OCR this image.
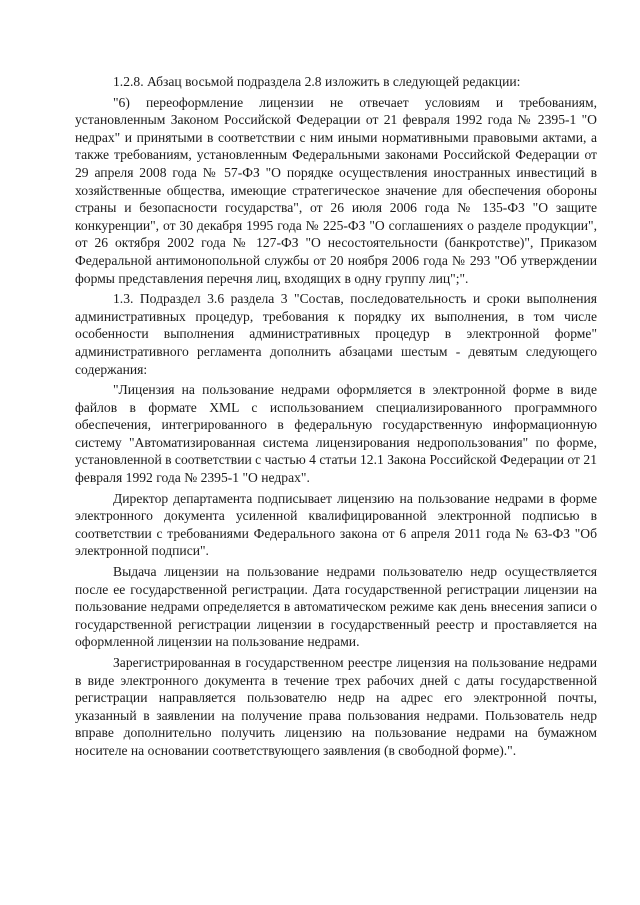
1.2.8. Абзац восьмой подраздела 2.8 изложить в следующей редакции:

"6) переоформление лицензии не отвечает условиям и требованиям, установленным Законом Российской Федерации от 21 февраля 1992 года № 2395-1 "О недрах" и принятыми в соответствии с ним иными нормативными правовыми актами, а также требованиям, установленным Федеральными законами Российской Федерации от 29 апреля 2008 года № 57-ФЗ "О порядке осуществления иностранных инвестиций в хозяйственные общества, имеющие стратегическое значение для обеспечения обороны страны и безопасности государства", от 26 июля 2006 года № 135-ФЗ "О защите конкуренции", от 30 декабря 1995 года № 225-ФЗ "О соглашениях о разделе продукции", от 26 октября 2002 года № 127-ФЗ "О несостоятельности (банкротстве)", Приказом Федеральной антимонопольной службы от 20 ноября 2006 года № 293 "Об утверждении формы представления перечня лиц, входящих в одну группу лиц";".

1.3. Подраздел 3.6 раздела 3 "Состав, последовательность и сроки выполнения административных процедур, требования к порядку их выполнения, в том числе особенности выполнения административных процедур в электронной форме" административного регламента дополнить абзацами шестым - девятым следующего содержания:

"Лицензия на пользование недрами оформляется в электронной форме в виде файлов в формате XML с использованием специализированного программного обеспечения, интегрированного в федеральную государственную информационную систему "Автоматизированная система лицензирования недропользования" по форме, установленной в соответствии с частью 4 статьи 12.1 Закона Российской Федерации от 21 февраля 1992 года № 2395-1 "О недрах".

Директор департамента подписывает лицензию на пользование недрами в форме электронного документа усиленной квалифицированной электронной подписью в соответствии с требованиями Федерального закона от 6 апреля 2011 года № 63-ФЗ "Об электронной подписи".

Выдача лицензии на пользование недрами пользователю недр осуществляется после ее государственной регистрации. Дата государственной регистрации лицензии на пользование недрами определяется в автоматическом режиме как день внесения записи о государственной регистрации лицензии в государственный реестр и проставляется на оформленной лицензии на пользование недрами.

Зарегистрированная в государственном реестре лицензия на пользование недрами в виде электронного документа в течение трех рабочих дней с даты государственной регистрации направляется пользователю недр на адрес его электронной почты, указанный в заявлении на получение права пользования недрами. Пользователь недр вправе дополнительно получить лицензию на пользование недрами на бумажном носителе на основании соответствующего заявления (в свободной форме).".
